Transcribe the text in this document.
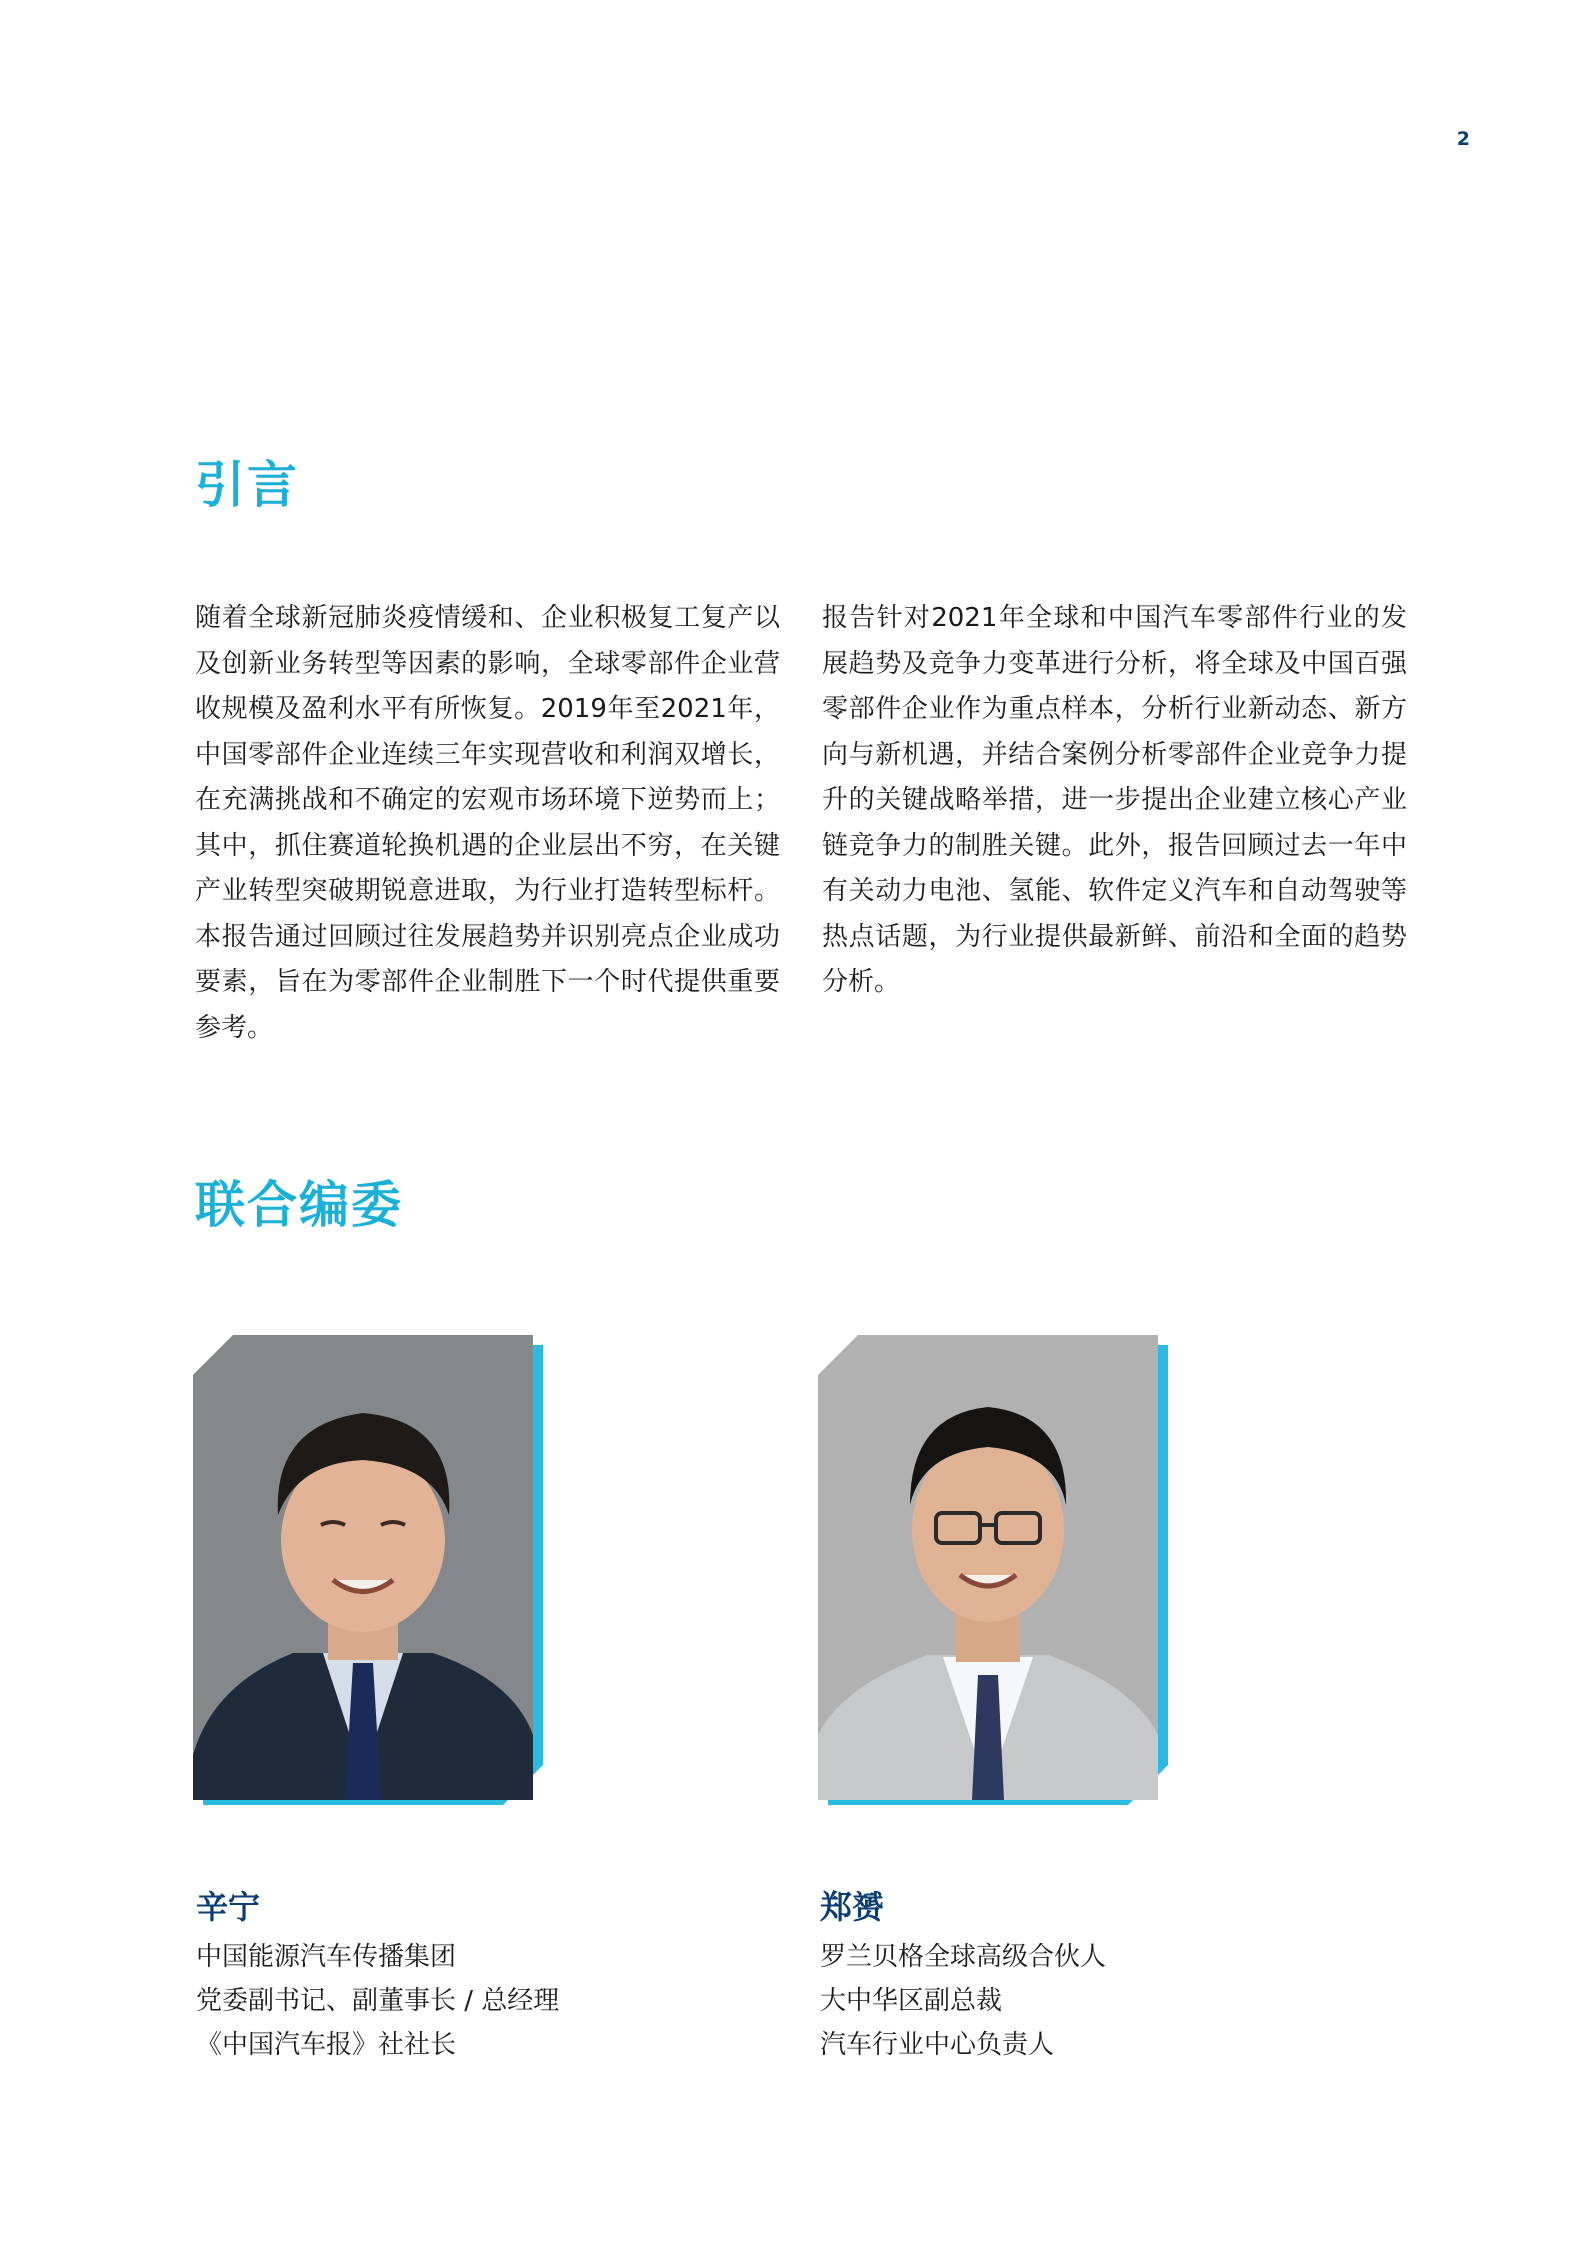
2
引言

随着全球新冠肺炎疫情缓和、企业积极复工复产以及创新业务转型等因素的影响，全球零部件企业营收规模及盈利水平有所恢复。2019年至2021年，中国零部件企业连续三年实现营收和利润双增长，在充满挑战和不确定的宏观市场环境下逆势而上；其中，抓住赛道轮换机遇的企业层出不穷，在关键产业转型突破期锐意进取，为行业打造转型标杆。本报告通过回顾过往发展趋势并识别亮点企业成功要素，旨在为零部件企业制胜下一个时代提供重要参考。

报告针对2021年全球和中国汽车零部件行业的发展趋势及竞争力变革进行分析，将全球及中国百强零部件企业作为重点样本，分析行业新动态、新方向与新机遇，并结合案例分析零部件企业竞争力提升的关键战略举措，进一步提出企业建立核心产业链竞争力的制胜关键。此外，报告回顾过去一年中有关动力电池、氢能、软件定义汽车和自动驾驶等热点话题，为行业提供最新鲜、前沿和全面的趋势分析。

联合编委

辛宁

中国能源汽车传播集团

党委副书记、副董事长 / 总经理

《中国汽车报》社社长

郑赟

罗兰贝格全球高级合伙人

大中华区副总裁

汽车行业中心负责人
